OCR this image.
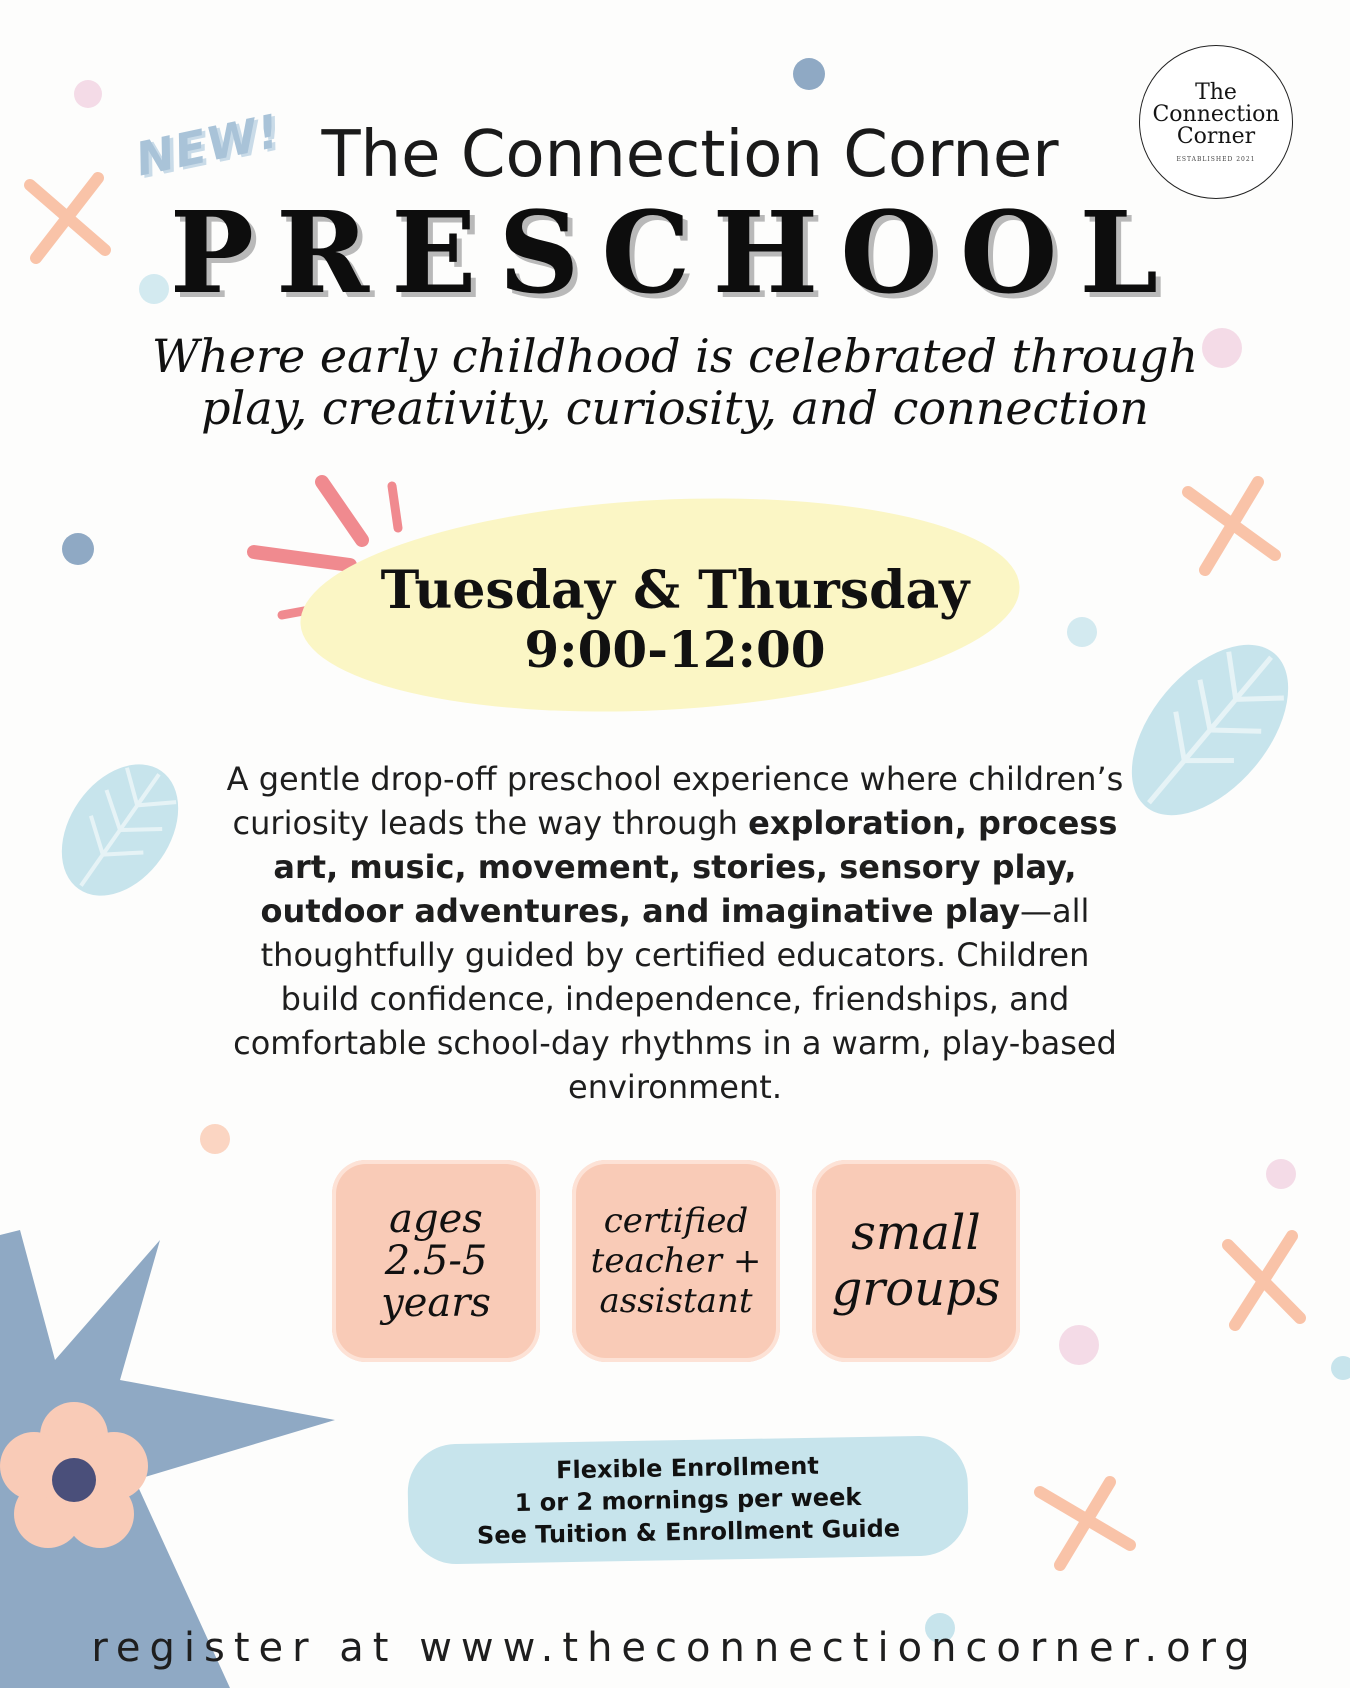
The
Connection
Corner
ESTABLISHED 2021
NEW! The Connection Corner
PRESCHOOL
Where early childhood is celebrated through
play, creativity, curiosity, and connection
Tuesday & Thursday
9:00-12:00
A gentle drop-off preschool experience where children’s curiosity leads the way through exploration, process art, music, movement, stories, sensory play, outdoor adventures, and imaginative play—all thoughtfully guided by certified educators. Children build confidence, independence, friendships, and comfortable school-day rhythms in a warm, play-based environment.
ages
2.5-5
years
certified
teacher +
assistant
small
groups
Flexible Enrollment
1 or 2 mornings per week
See Tuition & Enrollment Guide
register at www.theconnectioncorner.org
